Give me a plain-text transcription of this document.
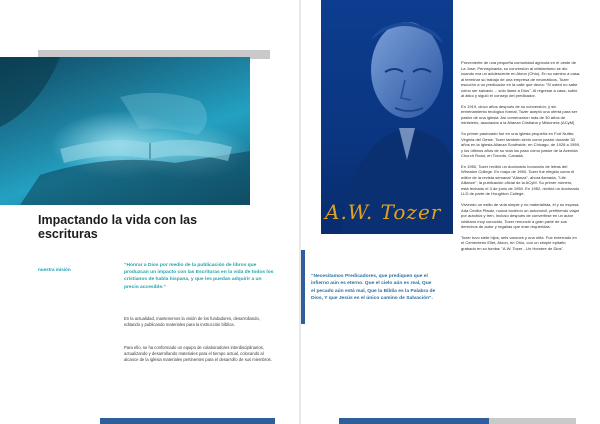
Impactando la vida con las escrituras

nuestra misión

“Honrar a Dios por medio de la publicación de libros que produzcan un impacto con las Escrituras en la vida de todos los cristianos de habla hispana, y que les puedan adquirir a un precio accesible.”

En la actualidad, mantenemos la visión de los fundadores, desarrollando, editando y publicando materiales para la instrucción bíblica.

Para ello, se ha conformado un equipo de colaboradores interdisciplinarios, actualizando y desarrollando materiales para el tiempo actual, colocando al alcance de la iglesia materiales pertinentes para el desarrollo de sus miembros.

A.W. Tozer

“Necesitamos Predicadores, que prediquen que el infierno aún es eterno. Que el cielo aún es real, Que el pecado aún está mal, Que la Biblia es la Palabra de Dios, Y que Jesús es el único camino de Salvación”.

Proveniente de una pequeña comunidad agrícola en el oeste de La Jose, Pennsylvania, su conversión al cristianismo se dio cuando era un adolescente en Akron (Ohio). En su camino a casa, al terminar su trabajo de una empresa de neumáticos, Tozer escuchó a un predicador en la calle que decía: "Si usted no sabe cómo ser salvado ... sólo llame a Dios". Al regresar a casa, subió al ático y siguió el consejo del predicador.

En 1919, cinco años después de su conversión, y sin entrenamiento teológico formal, Tozer aceptó una oferta para ser pastor de una iglesia. Así comenzaron más de 30 años de ministerio, asociados a la Alianza Cristiana y Misionera (ACyM)

Su primer pastorado fue en una iglesia pequeña en Fort Nutter, Virginia del Oeste. Tozer también sirvió como pastor durante 30 años en la Iglesia Alianza Southside, en Chicago, de 1928 a 1959, y los últimos años de su vida los pasó como pastor de la Avenida Church Road, en Toronto, Canadá.

En 1950, Tozer recibió un doctorado honorario de letras del Wheaton College. En mayo de 1950, Tozer fue elegido como el editor de la revista semanal "Alianza", ahora llamada, "Life Alliance", la publicación oficial de la ACyM. Su primer número, está fechado el 3 de junio de 1950. En 1952, recibió un doctorado LLD de parte de Houghton College.

Viviendo un estilo de vida simple y no materialista, él y su esposa, Ada Cecilia Pfautz, nunca tuvieron un automóvil, prefiriendo viajar por autobús y tren. Incluso después de convertirse en un autor cristiano muy conocido, Tozer renunció a gran parte de sus derechos de autor y regalías que eran requeridas.

Tozer tuvo siete hijos, seis varones y una niña. Fue enterrado en el Cementerio Ellet, Akron, en Ohio, con un simple epitafio grabado en su tumba: "A.W. Tozer - Un Hombre de Dios".
